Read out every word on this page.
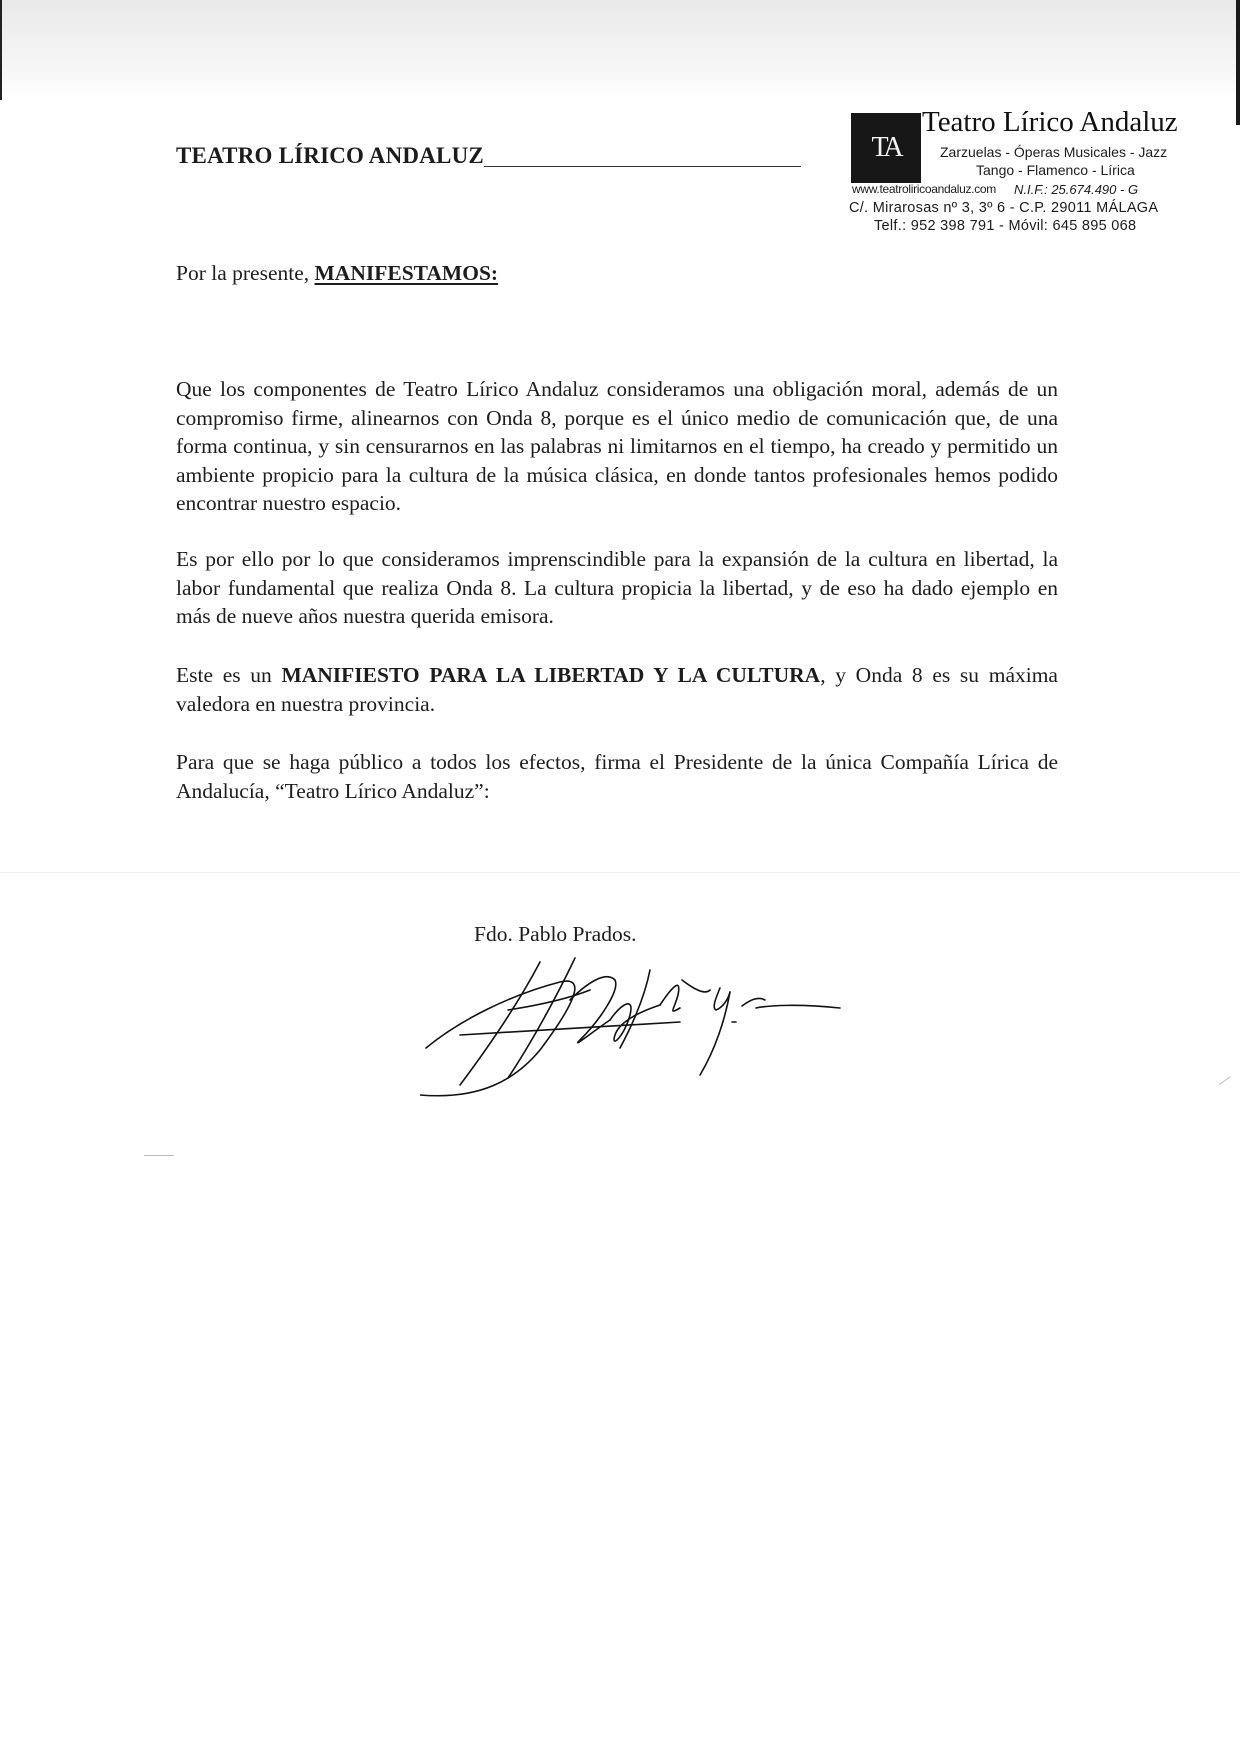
TEATRO LÍRICO ANDALUZ	TA
Teatro Lírico Andaluz
Zarzuelas - Óperas Musicales - Jazz
Tango - Flamenco - Lírica
www.teatroliricoandaluz.com N.I.F.: 25.674.490 - G
C/. Mirarosas nº 3, 3º 6 - C.P. 29011 MÁLAGA
Telf.: 952 398 791 - Móvil: 645 895 068
Por la presente, MANIFESTAMOS:

Que los componentes de Teatro Lírico Andaluz consideramos una obligación moral, además de un compromiso firme, alinearnos con Onda 8, porque es el único medio de comunicación que, de una forma continua, y sin censurarnos en las palabras ni limitarnos en el tiempo, ha creado y permitido un ambiente propicio para la cultura de la música clásica, en donde tantos profesionales hemos podido encontrar nuestro espacio.

Es por ello por lo que consideramos imprenscindible para la expansión de la cultura en libertad, la labor fundamental que realiza Onda 8. La cultura propicia la libertad, y de eso ha dado ejemplo en más de nueve años nuestra querida emisora.

Este es un MANIFIESTO PARA LA LIBERTAD Y LA CULTURA, y Onda 8 es su máxima valedora en nuestra provincia.

Para que se haga público a todos los efectos, firma el Presidente de la única Compañía Lírica de Andalucía, “Teatro Lírico Andaluz”:

Fdo. Pablo Prados.
